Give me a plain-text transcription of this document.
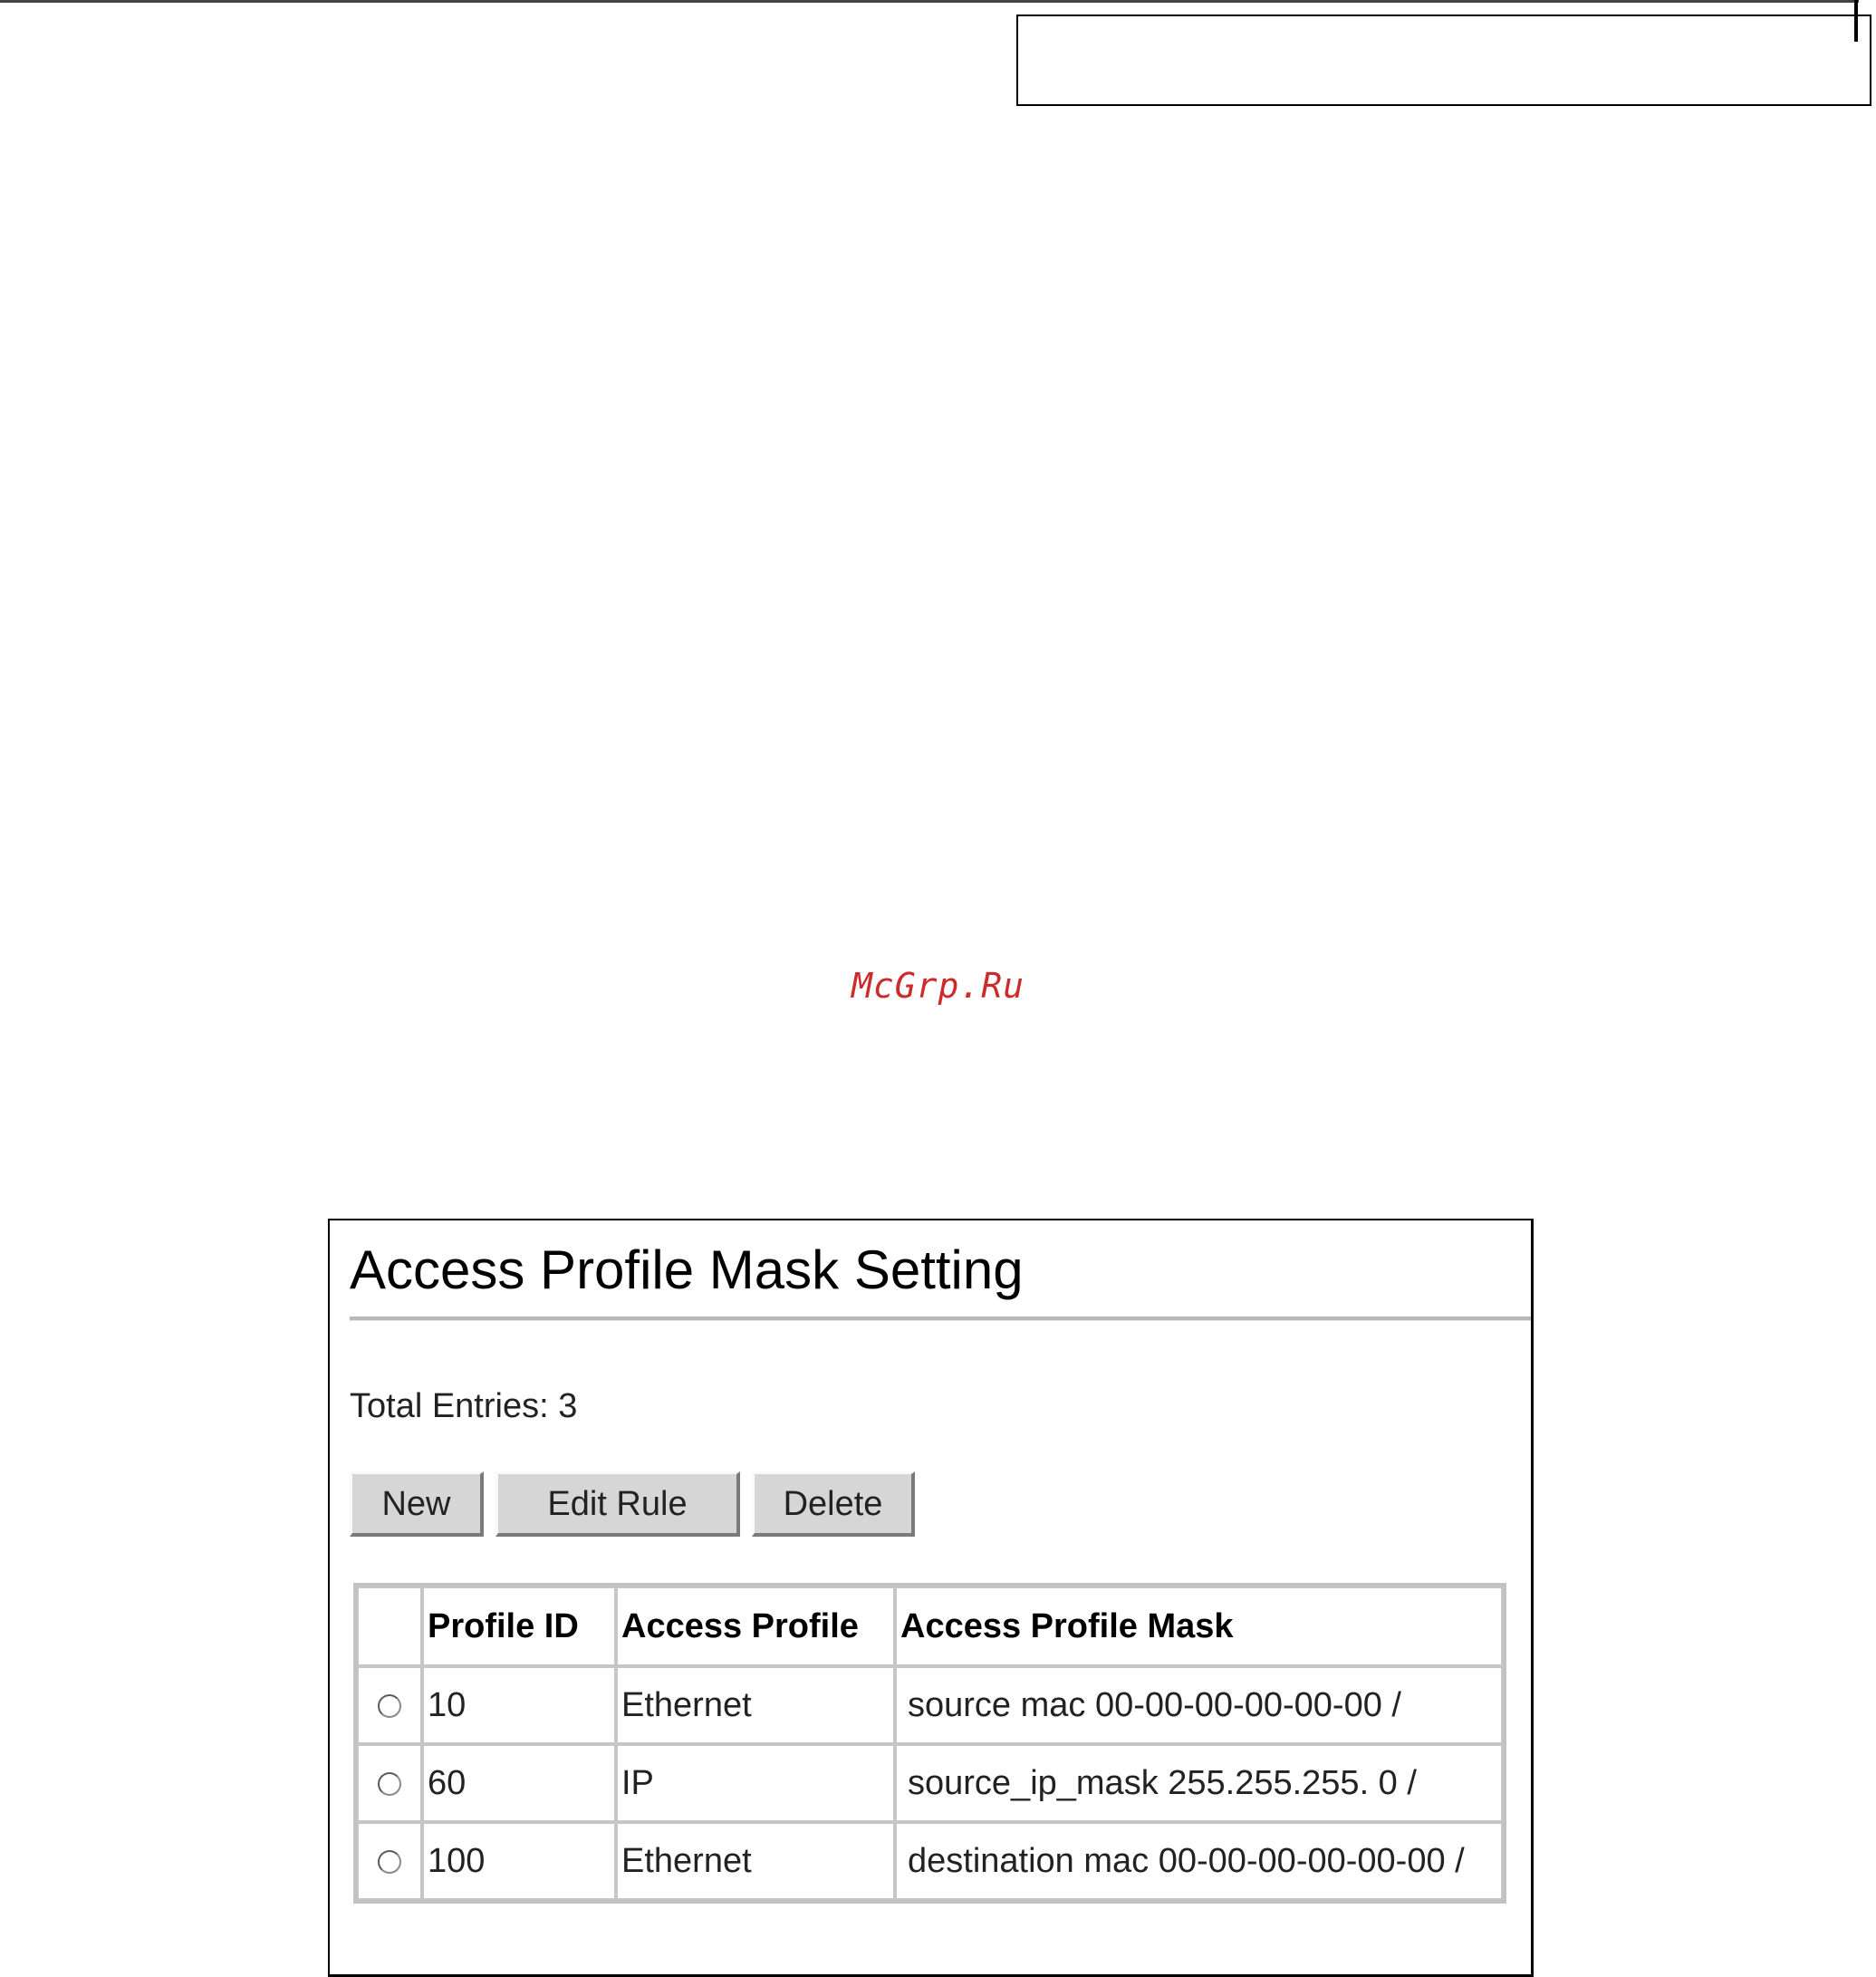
McGrp.Ru
Access Profile Mask Setting
Total Entries: 3
New	Edit Rule	Delete
	Profile ID	Access Profile	Access Profile Mask
	10	Ethernet	source mac 00-00-00-00-00-00 /
	60	IP	source_ip_mask 255.255.255. 0 /
	100	Ethernet	destination mac 00-00-00-00-00-00 /
